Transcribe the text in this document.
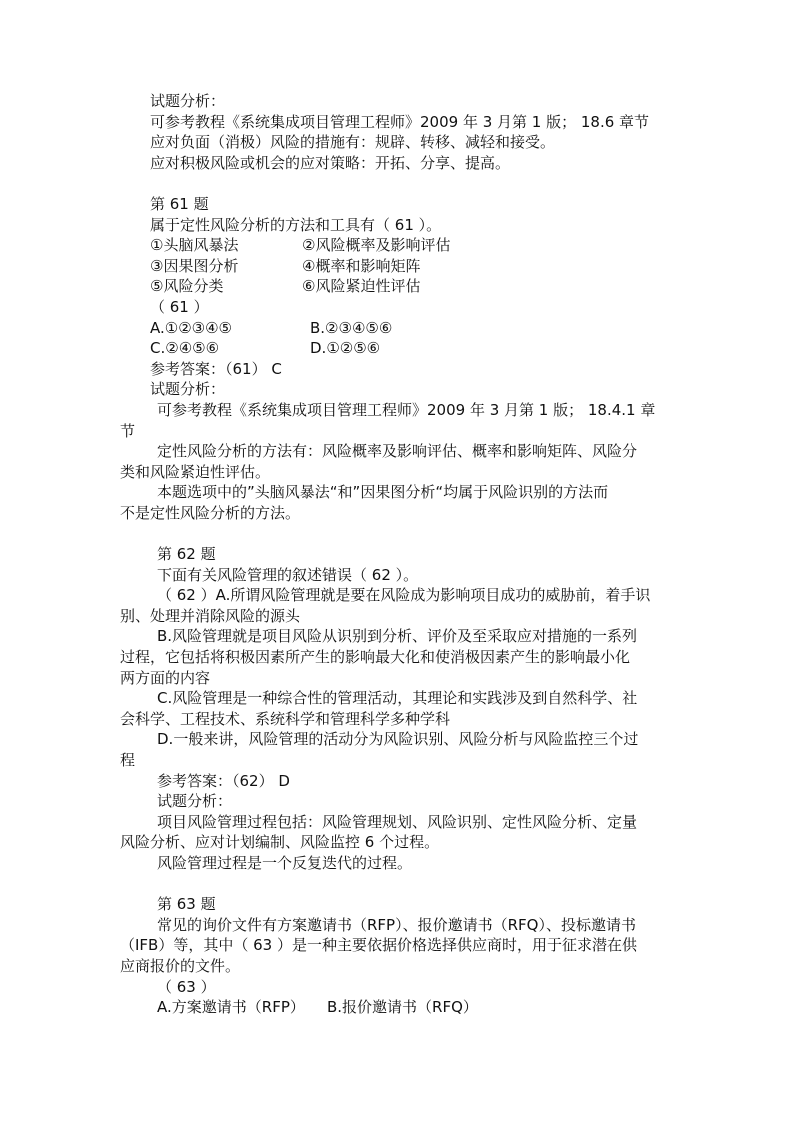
试题分析：
可参考教程《系统集成项目管理工程师》2009 年 3 月第 1 版； 18.6 章节
应对负面（消极）风险的措施有：规辟、转移、减轻和接受。
应对积极风险或机会的应对策略：开拓、分享、提高。
第 61 题
属于定性风险分析的方法和工具有（ 61 ）。
①头脑风暴法	②风险概率及影响评估
③因果图分析	④概率和影响矩阵
⑤风险分类	⑥风险紧迫性评估
（ 61 ）
A.①②③④⑤	B.②③④⑤⑥
C.②④⑤⑥	D.①②⑤⑥
参考答案：（61） C
试题分析：
可参考教程《系统集成项目管理工程师》2009 年 3 月第 1 版； 18.4.1 章
节
定性风险分析的方法有：风险概率及影响评估、概率和影响矩阵、风险分
类和风险紧迫性评估。
本题选项中的”头脑风暴法“和”因果图分析“均属于风险识别的方法而
不是定性风险分析的方法。
第 62 题
下面有关风险管理的叙述错误（ 62 ）。
（ 62 ）A.所谓风险管理就是要在风险成为影响项目成功的威胁前，着手识
别、处理并消除风险的源头
B.风险管理就是项目风险从识别到分析、评价及至采取应对措施的一系列
过程，它包括将积极因素所产生的影响最大化和使消极因素产生的影响最小化
两方面的内容
C.风险管理是一种综合性的管理活动，其理论和实践涉及到自然科学、社
会科学、工程技术、系统科学和管理科学多种学科
D.一般来讲，风险管理的活动分为风险识别、风险分析与风险监控三个过
程
参考答案：（62） D
试题分析：
项目风险管理过程包括：风险管理规划、风险识别、定性风险分析、定量
风险分析、应对计划编制、风险监控 6 个过程。
风险管理过程是一个反复迭代的过程。
第 63 题
常见的询价文件有方案邀请书（RFP）、报价邀请书（RFQ）、投标邀请书
（IFB）等，其中（ 63 ）是一种主要依据价格选择供应商时，用于征求潜在供
应商报价的文件。
（ 63 ）
A.方案邀请书（RFP）	B.报价邀请书（RFQ）
